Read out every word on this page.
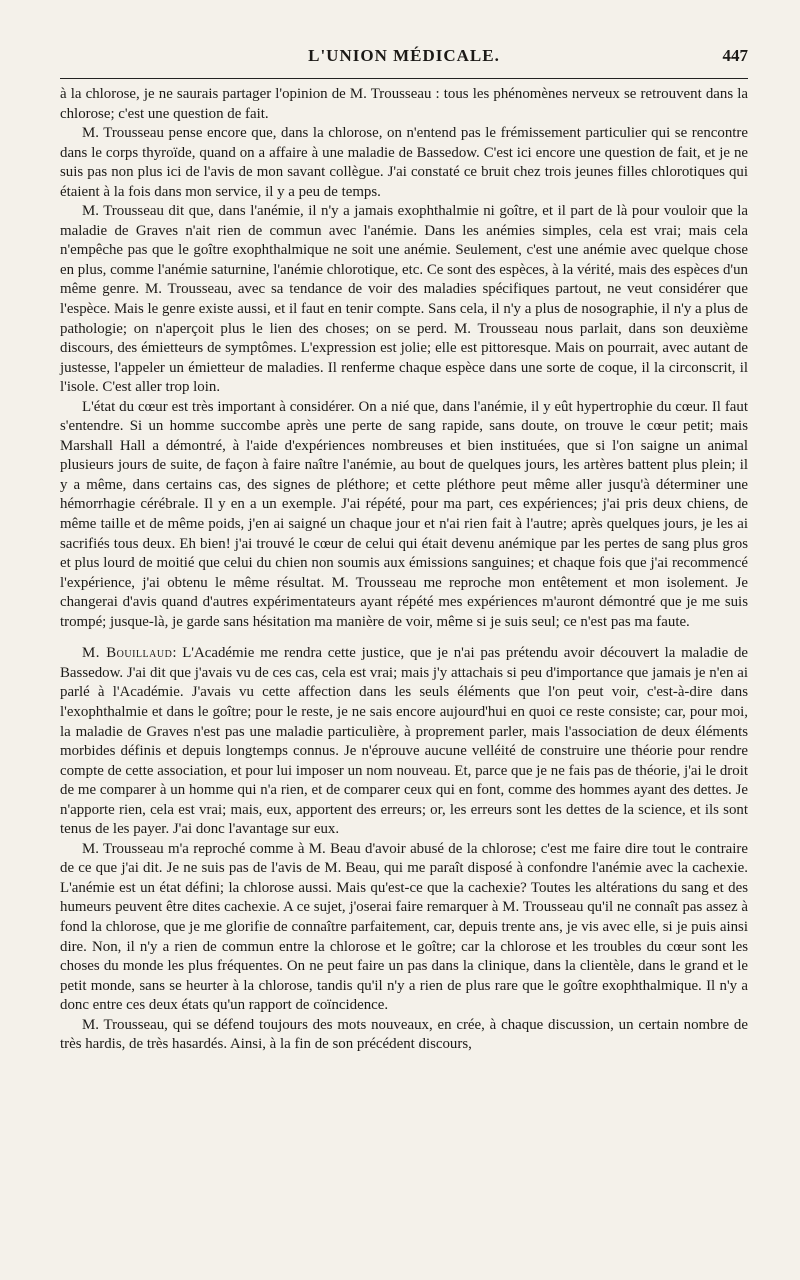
L'UNION MÉDICALE.	447

à la chlorose, je ne saurais partager l'opinion de M. Trousseau : tous les phénomènes nerveux se retrouvent dans la chlorose; c'est une question de fait.

M. Trousseau pense encore que, dans la chlorose, on n'entend pas le frémissement particulier qui se rencontre dans le corps thyroïde, quand on a affaire à une maladie de Bassedow. C'est ici encore une question de fait, et je ne suis pas non plus ici de l'avis de mon savant collègue. J'ai constaté ce bruit chez trois jeunes filles chlorotiques qui étaient à la fois dans mon service, il y a peu de temps.

M. Trousseau dit que, dans l'anémie, il n'y a jamais exophthalmie ni goître, et il part de là pour vouloir que la maladie de Graves n'ait rien de commun avec l'anémie. Dans les anémies simples, cela est vrai; mais cela n'empêche pas que le goître exophthalmique ne soit une anémie. Seulement, c'est une anémie avec quelque chose en plus, comme l'anémie saturnine, l'anémie chlorotique, etc. Ce sont des espèces, à la vérité, mais des espèces d'un même genre. M. Trousseau, avec sa tendance de voir des maladies spécifiques partout, ne veut considérer que l'espèce. Mais le genre existe aussi, et il faut en tenir compte. Sans cela, il n'y a plus de nosographie, il n'y a plus de pathologie; on n'aperçoit plus le lien des choses; on se perd. M. Trousseau nous parlait, dans son deuxième discours, des émietteurs de symptômes. L'expression est jolie; elle est pittoresque. Mais on pourrait, avec autant de justesse, l'appeler un émietteur de maladies. Il renferme chaque espèce dans une sorte de coque, il la circonscrit, il l'isole. C'est aller trop loin.

L'état du cœur est très important à considérer. On a nié que, dans l'anémie, il y eût hypertrophie du cœur. Il faut s'entendre. Si un homme succombe après une perte de sang rapide, sans doute, on trouve le cœur petit; mais Marshall Hall a démontré, à l'aide d'expériences nombreuses et bien instituées, que si l'on saigne un animal plusieurs jours de suite, de façon à faire naître l'anémie, au bout de quelques jours, les artères battent plus plein; il y a même, dans certains cas, des signes de pléthore; et cette pléthore peut même aller jusqu'à déterminer une hémorrhagie cérébrale. Il y en a un exemple. J'ai répété, pour ma part, ces expériences; j'ai pris deux chiens, de même taille et de même poids, j'en ai saigné un chaque jour et n'ai rien fait à l'autre; après quelques jours, je les ai sacrifiés tous deux. Eh bien! j'ai trouvé le cœur de celui qui était devenu anémique par les pertes de sang plus gros et plus lourd de moitié que celui du chien non soumis aux émissions sanguines; et chaque fois que j'ai recommencé l'expérience, j'ai obtenu le même résultat. M. Trousseau me reproche mon entêtement et mon isolement. Je changerai d'avis quand d'autres expérimentateurs ayant répété mes expériences m'auront démontré que je me suis trompé; jusque-là, je garde sans hésitation ma manière de voir, même si je suis seul; ce n'est pas ma faute.

M. Bouillaud: L'Académie me rendra cette justice, que je n'ai pas prétendu avoir découvert la maladie de Bassedow. J'ai dit que j'avais vu de ces cas, cela est vrai; mais j'y attachais si peu d'importance que jamais je n'en ai parlé à l'Académie. J'avais vu cette affection dans les seuls éléments que l'on peut voir, c'est-à-dire dans l'exophthalmie et dans le goître; pour le reste, je ne sais encore aujourd'hui en quoi ce reste consiste; car, pour moi, la maladie de Graves n'est pas une maladie particulière, à proprement parler, mais l'association de deux éléments morbides définis et depuis longtemps connus. Je n'éprouve aucune velléité de construire une théorie pour rendre compte de cette association, et pour lui imposer un nom nouveau. Et, parce que je ne fais pas de théorie, j'ai le droit de me comparer à un homme qui n'a rien, et de comparer ceux qui en font, comme des hommes ayant des dettes. Je n'apporte rien, cela est vrai; mais, eux, apportent des erreurs; or, les erreurs sont les dettes de la science, et ils sont tenus de les payer. J'ai donc l'avantage sur eux.

M. Trousseau m'a reproché comme à M. Beau d'avoir abusé de la chlorose; c'est me faire dire tout le contraire de ce que j'ai dit. Je ne suis pas de l'avis de M. Beau, qui me paraît disposé à confondre l'anémie avec la cachexie. L'anémie est un état défini; la chlorose aussi. Mais qu'est-ce que la cachexie? Toutes les altérations du sang et des humeurs peuvent être dites cachexie. A ce sujet, j'oserai faire remarquer à M. Trousseau qu'il ne connaît pas assez à fond la chlorose, que je me glorifie de connaître parfaitement, car, depuis trente ans, je vis avec elle, si je puis ainsi dire. Non, il n'y a rien de commun entre la chlorose et le goître; car la chlorose et les troubles du cœur sont les choses du monde les plus fréquentes. On ne peut faire un pas dans la clinique, dans la clientèle, dans le grand et le petit monde, sans se heurter à la chlorose, tandis qu'il n'y a rien de plus rare que le goître exophthalmique. Il n'y a donc entre ces deux états qu'un rapport de coïncidence.

M. Trousseau, qui se défend toujours des mots nouveaux, en crée, à chaque discussion, un certain nombre de très hardis, de très hasardés. Ainsi, à la fin de son précédent discours,
